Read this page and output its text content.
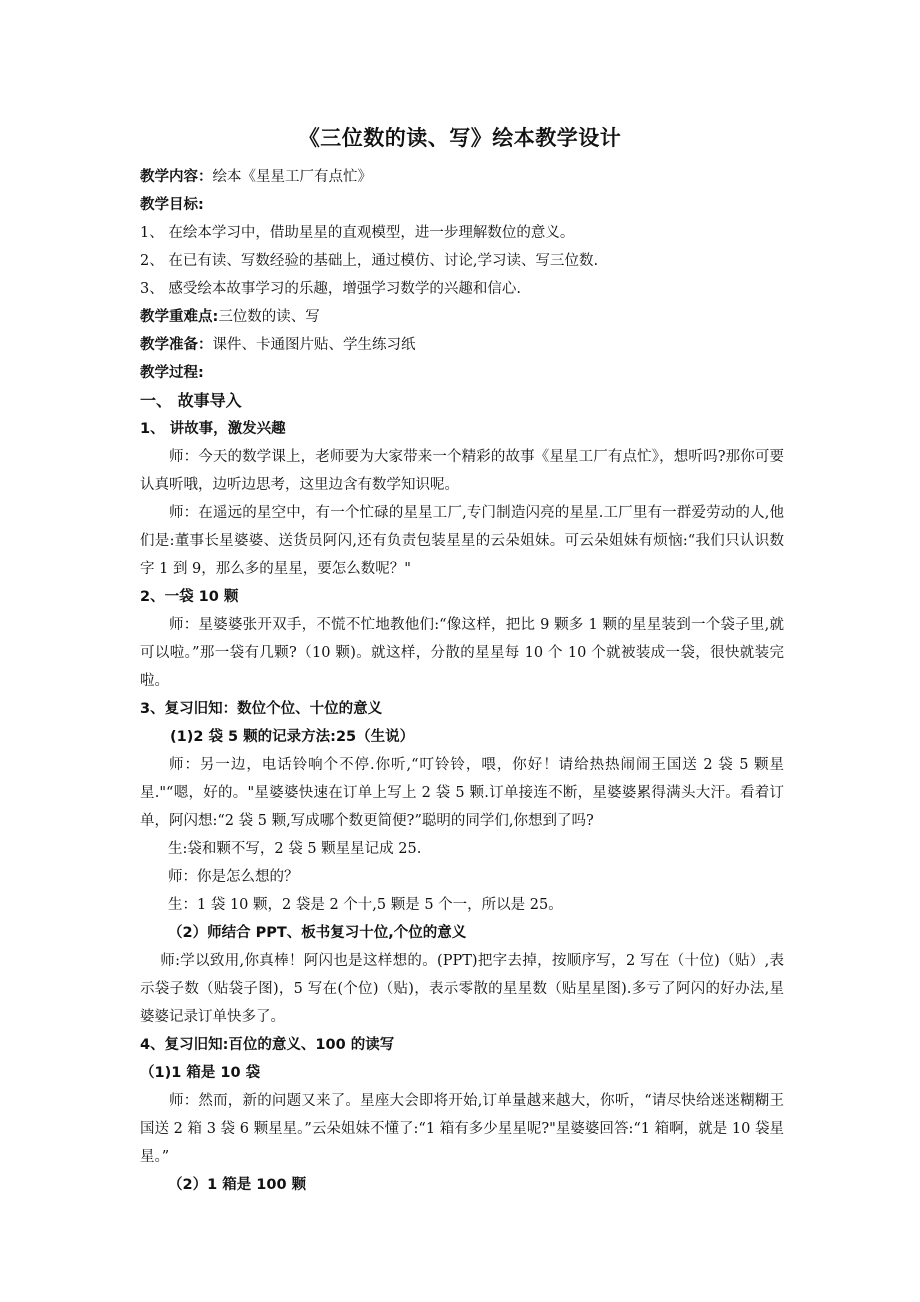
《三位数的读、写》绘本教学设计

教学内容：绘本《星星工厂有点忙》

教学目标:

1、 在绘本学习中，借助星星的直观模型，进一步理解数位的意义。

2、 在已有读、写数经验的基础上，通过模仿、讨论,学习读、写三位数.

3、 感受绘本故事学习的乐趣，增强学习数学的兴趣和信心.

教学重难点:三位数的读、写

教学准备：课件、卡通图片贴、学生练习纸

教学过程:

一、 故事导入

1、 讲故事，激发兴趣

师：今天的数学课上，老师要为大家带来一个精彩的故事《星星工厂有点忙》，想听吗?那你可要认真听哦，边听边思考，这里边含有数学知识呢。

师：在遥远的星空中，有一个忙碌的星星工厂,专门制造闪亮的星星.工厂里有一群爱劳动的人,他们是:董事长星婆婆、送货员阿闪,还有负责包装星星的云朵姐妹。可云朵姐妹有烦恼:“我们只认识数字 1 到 9，那么多的星星，要怎么数呢？"

2、一袋 10 颗

师：星婆婆张开双手，不慌不忙地教他们:“像这样，把比 9 颗多 1 颗的星星装到一个袋子里,就可以啦。”那一袋有几颗?（10 颗)。就这样，分散的星星每 10 个 10 个就被装成一袋，很快就装完啦。

3、复习旧知：数位个位、十位的意义

(1)2 袋 5 颗的记录方法:25（生说）

师：另一边，电话铃响个不停.你听,“叮铃铃，喂，你好！请给热热闹闹王国送 2 袋 5 颗星星."“嗯，好的。"星婆婆快速在订单上写上 2 袋 5 颗.订单接连不断，星婆婆累得满头大汗。看着订单，阿闪想:“2 袋 5 颗,写成哪个数更简便?”聪明的同学们,你想到了吗?

生:袋和颗不写，2 袋 5 颗星星记成 25.

师：你是怎么想的？

生：1 袋 10 颗，2 袋是 2 个十,5 颗是 5 个一，所以是 25。

（2）师结合 PPT、板书复习十位,个位的意义

师:学以致用,你真棒！阿闪也是这样想的。(PPT)把字去掉，按顺序写，2 写在（十位)（贴）,表示袋子数（贴袋子图)，5 写在(个位)（贴)，表示零散的星星数（贴星星图).多亏了阿闪的好办法,星婆婆记录订单快多了。

4、复习旧知:百位的意义、100 的读写

（1)1 箱是 10 袋

师：然而，新的问题又来了。星座大会即将开始,订单量越来越大，你听，“请尽快给迷迷糊糊王国送 2 箱 3 袋 6 颗星星。”云朵姐妹不懂了:“1 箱有多少星星呢?"星婆婆回答:“1 箱啊，就是 10 袋星星。”

（2）1 箱是 100 颗
